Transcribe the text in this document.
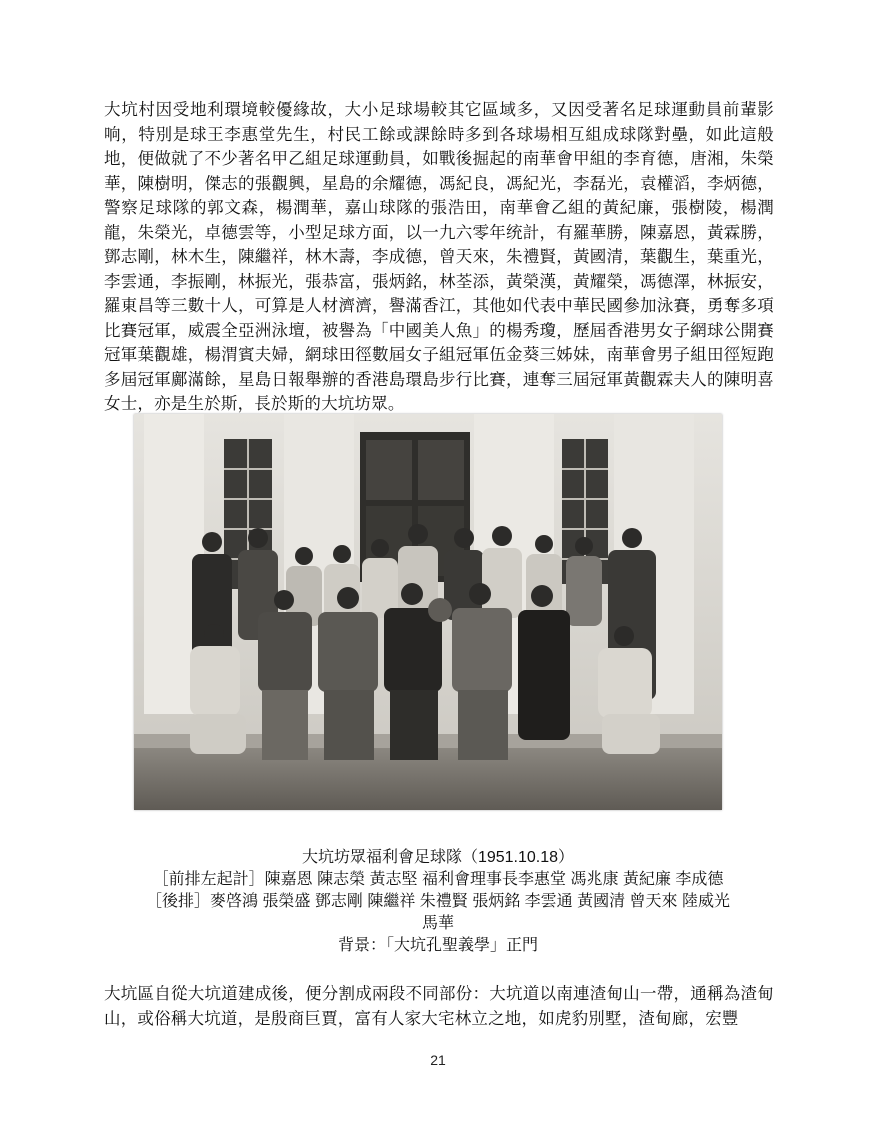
大坑村因受地利環境較優緣故，大小足球場較其它區域多，又因受著名足球運動員前輩影响，特別是球王李惠堂先生，村民工餘或課餘時多到各球場相互組成球隊對壘，如此這般地，便做就了不少著名甲乙組足球運動員，如戰後掘起的南華會甲組的李育德，唐湘，朱榮華，陳樹明，傑志的張觀興，星島的余耀德，馮紀良，馮紀光，李磊光，袁權滔，李炳德，警察足球隊的郭文森，楊潤華，嘉山球隊的張浩田，南華會乙組的黃紀廉，張樹陵，楊潤龍，朱榮光，卓德雲等，小型足球方面，以一九六零年统計，有羅華勝，陳嘉恩，黃霖勝，鄧志剛，林木生，陳繼祥，林木壽，李成德，曾天來，朱禮賢，黃國清，葉觀生，葉重光，李雲通，李振剛，林振光，張恭富，張炳銘，林荃添，黃榮漢，黃耀榮，馮德澤，林振安，羅東昌等三數十人，可算是人材濟濟，譽滿香江，其他如代表中華民國參加泳賽，勇奪多項比賽冠軍，威震全亞洲泳壇，被譽為「中國美人魚」的楊秀瓊，歷屆香港男女子網球公開賽冠軍葉觀雄，楊渭賓夫婦，網球田徑數屆女子組冠軍伍金葵三姊妹，南華會男子組田徑短跑多屆冠軍鄺滿餘，星島日報舉辦的香港島環島步行比賽，連奪三屆冠軍黃觀霖夫人的陳明喜女士，亦是生於斯，長於斯的大坑坊眾。

大坑坊眾福利會足球隊（1951.10.18）
［前排左起計］陳嘉恩 陳志榮 黃志堅 福利會理事長李惠堂 馮兆康 黃紀廉 李成德
［後排］麥啓鴻 張榮盛 鄧志剛 陳繼祥 朱禮賢 張炳銘 李雲通 黃國清 曾天來 陸威光
馬華
背景：「大坑孔聖義學」正門

大坑區自從大坑道建成後，便分割成兩段不同部份：大坑道以南連渣甸山一帶，通稱為渣甸山，或俗稱大坑道，是殷商巨賈，富有人家大宅林立之地，如虎豹別墅，渣甸廊，宏豐

21
